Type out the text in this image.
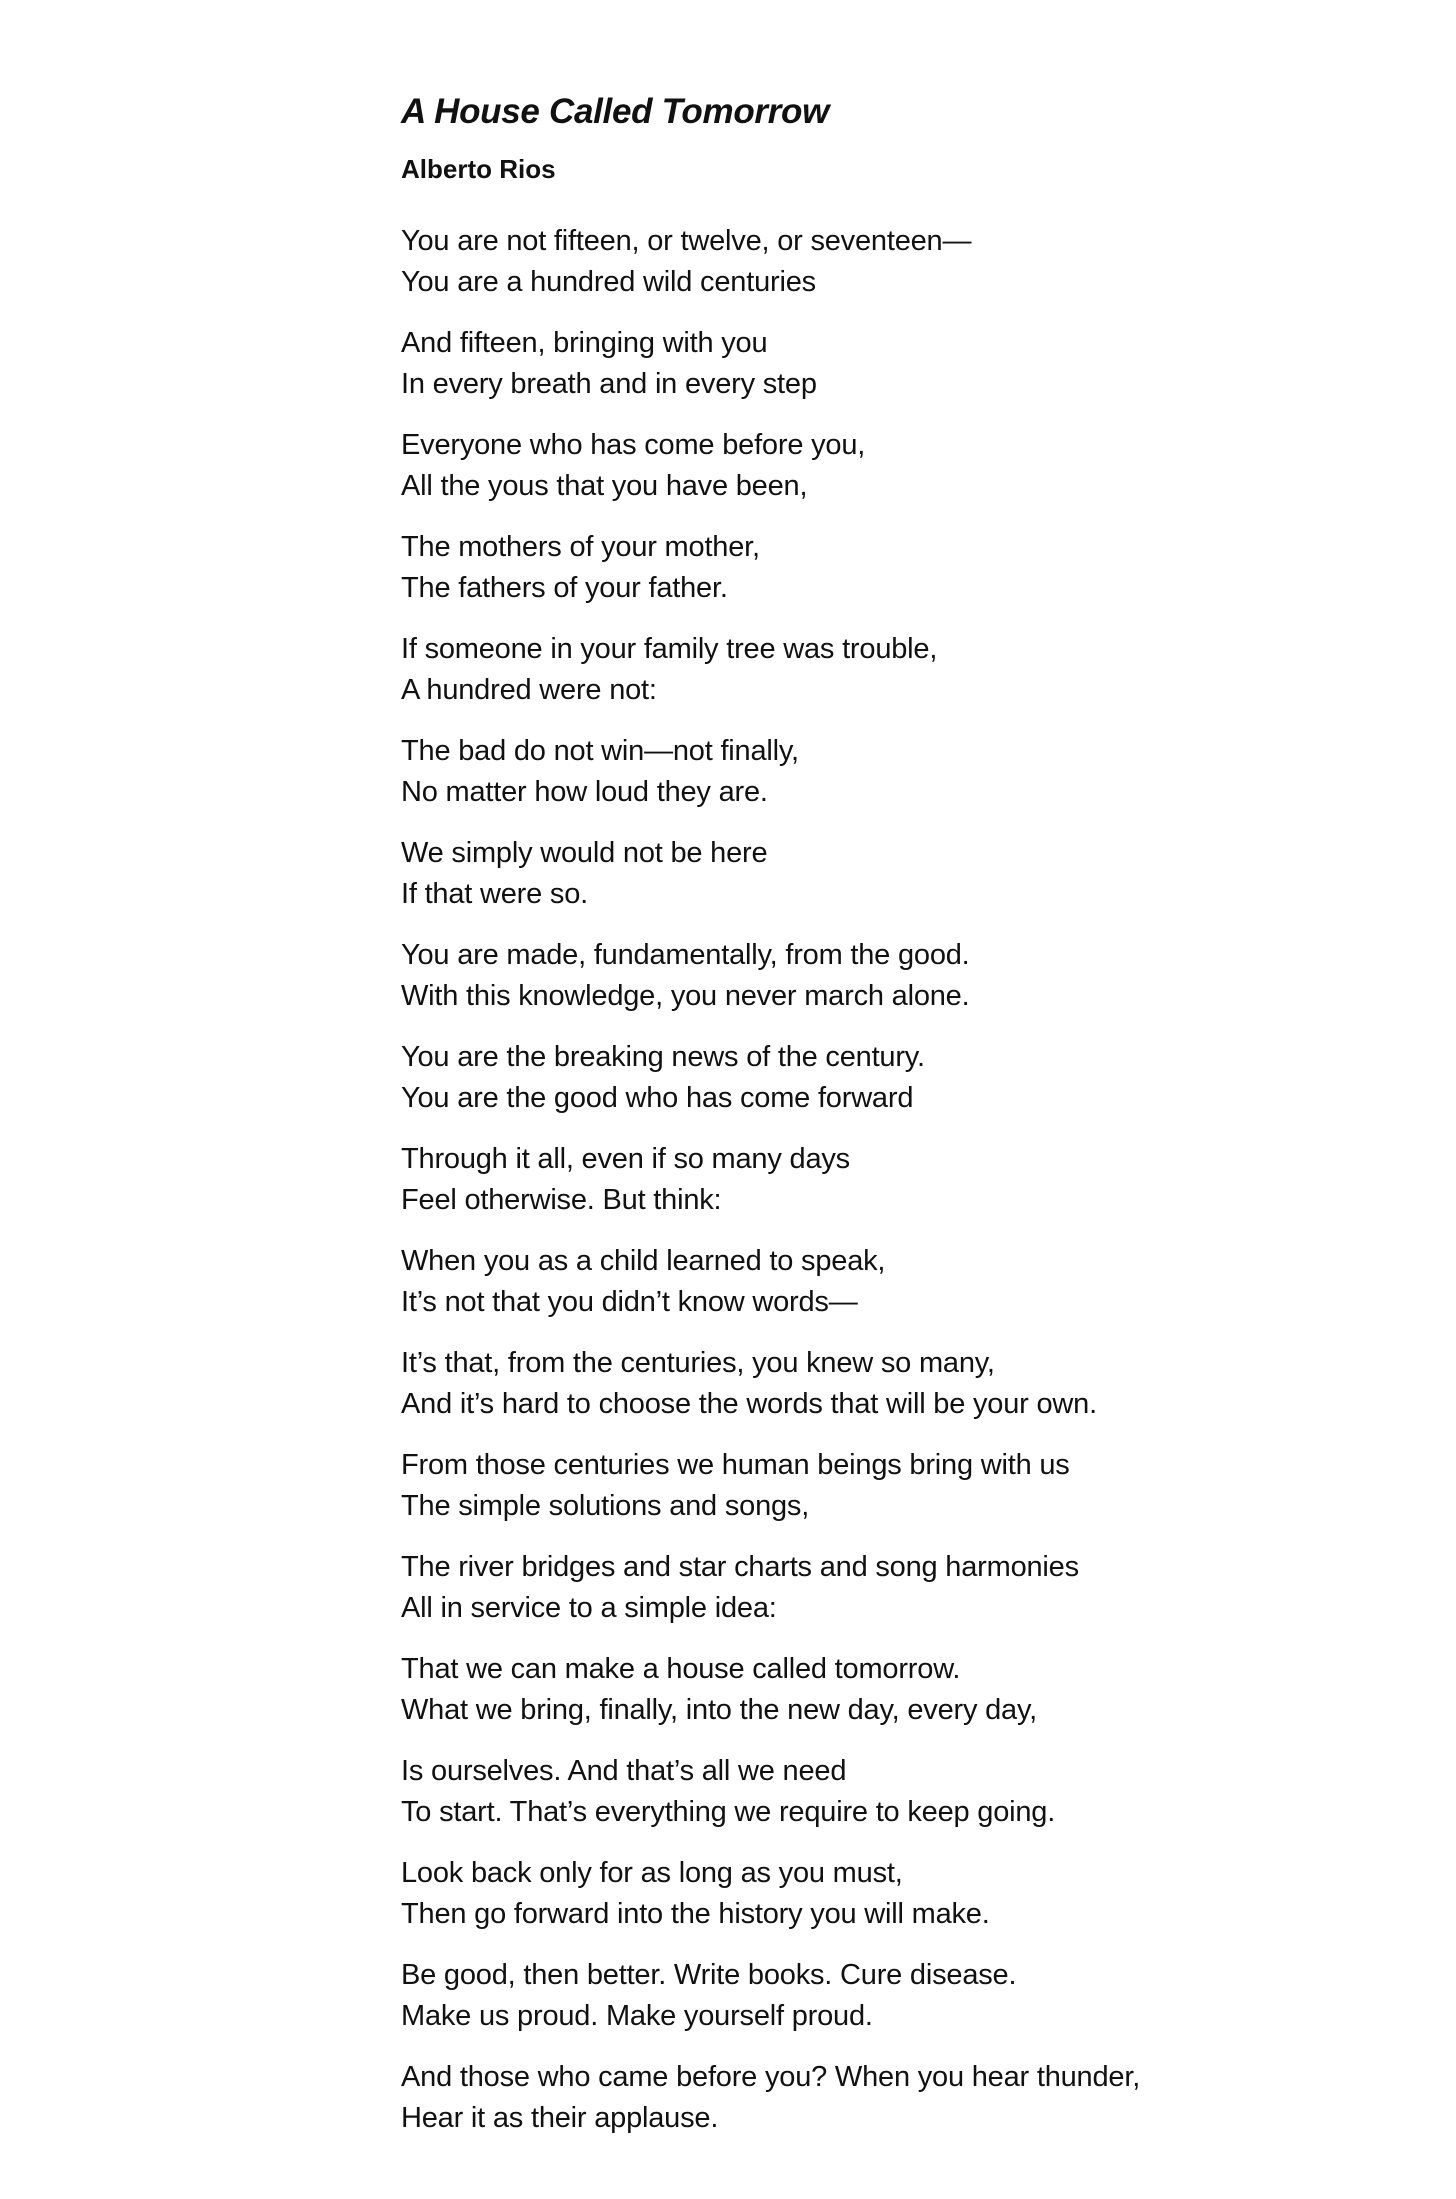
A House Called Tomorrow

Alberto Rios

You are not fifteen, or twelve, or seventeen—
You are a hundred wild centuries
And fifteen, bringing with you
In every breath and in every step
Everyone who has come before you,
All the yous that you have been,
The mothers of your mother,
The fathers of your father.
If someone in your family tree was trouble,
A hundred were not:
The bad do not win—not finally,
No matter how loud they are.
We simply would not be here
If that were so.
You are made, fundamentally, from the good.
With this knowledge, you never march alone.
You are the breaking news of the century.
You are the good who has come forward
Through it all, even if so many days
Feel otherwise. But think:
When you as a child learned to speak,
It’s not that you didn’t know words—
It’s that, from the centuries, you knew so many,
And it’s hard to choose the words that will be your own.
From those centuries we human beings bring with us
The simple solutions and songs,
The river bridges and star charts and song harmonies
All in service to a simple idea:
That we can make a house called tomorrow.
What we bring, finally, into the new day, every day,
Is ourselves. And that’s all we need
To start. That’s everything we require to keep going.
Look back only for as long as you must,
Then go forward into the history you will make.
Be good, then better. Write books. Cure disease.
Make us proud. Make yourself proud.
And those who came before you? When you hear thunder,
Hear it as their applause.
